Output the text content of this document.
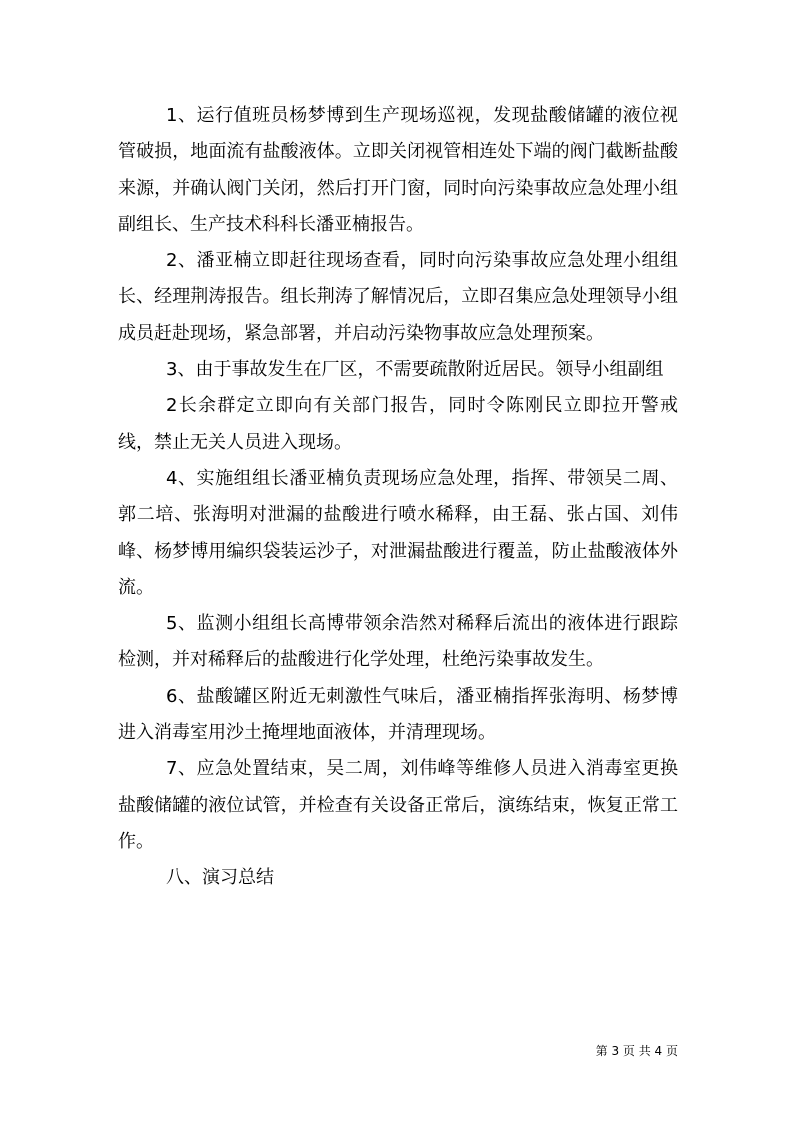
1、运行值班员杨梦博到生产现场巡视，发现盐酸储罐的液位视管破损，地面流有盐酸液体。立即关闭视管相连处下端的阀门截断盐酸来源，并确认阀门关闭，然后打开门窗，同时向污染事故应急处理小组副组长、生产技术科科长潘亚楠报告。

2、潘亚楠立即赶往现场查看，同时向污染事故应急处理小组组长、经理荆涛报告。组长荆涛了解情况后，立即召集应急处理领导小组成员赶赴现场，紧急部署，并启动污染物事故应急处理预案。

3、由于事故发生在厂区，不需要疏散附近居民。领导小组副组

2长余群定立即向有关部门报告，同时令陈刚民立即拉开警戒线，禁止无关人员进入现场。

4、实施组组长潘亚楠负责现场应急处理，指挥、带领吴二周、郭二培、张海明对泄漏的盐酸进行喷水稀释，由王磊、张占国、刘伟峰、杨梦博用编织袋装运沙子，对泄漏盐酸进行覆盖，防止盐酸液体外流。

5、监测小组组长高博带领余浩然对稀释后流出的液体进行跟踪检测，并对稀释后的盐酸进行化学处理，杜绝污染事故发生。

6、盐酸罐区附近无刺激性气味后，潘亚楠指挥张海明、杨梦博进入消毒室用沙土掩埋地面液体，并清理现场。

7、应急处置结束，吴二周，刘伟峰等维修人员进入消毒室更换盐酸储罐的液位试管，并检查有关设备正常后，演练结束，恢复正常工作。

八、演习总结

第 3 页 共 4 页
